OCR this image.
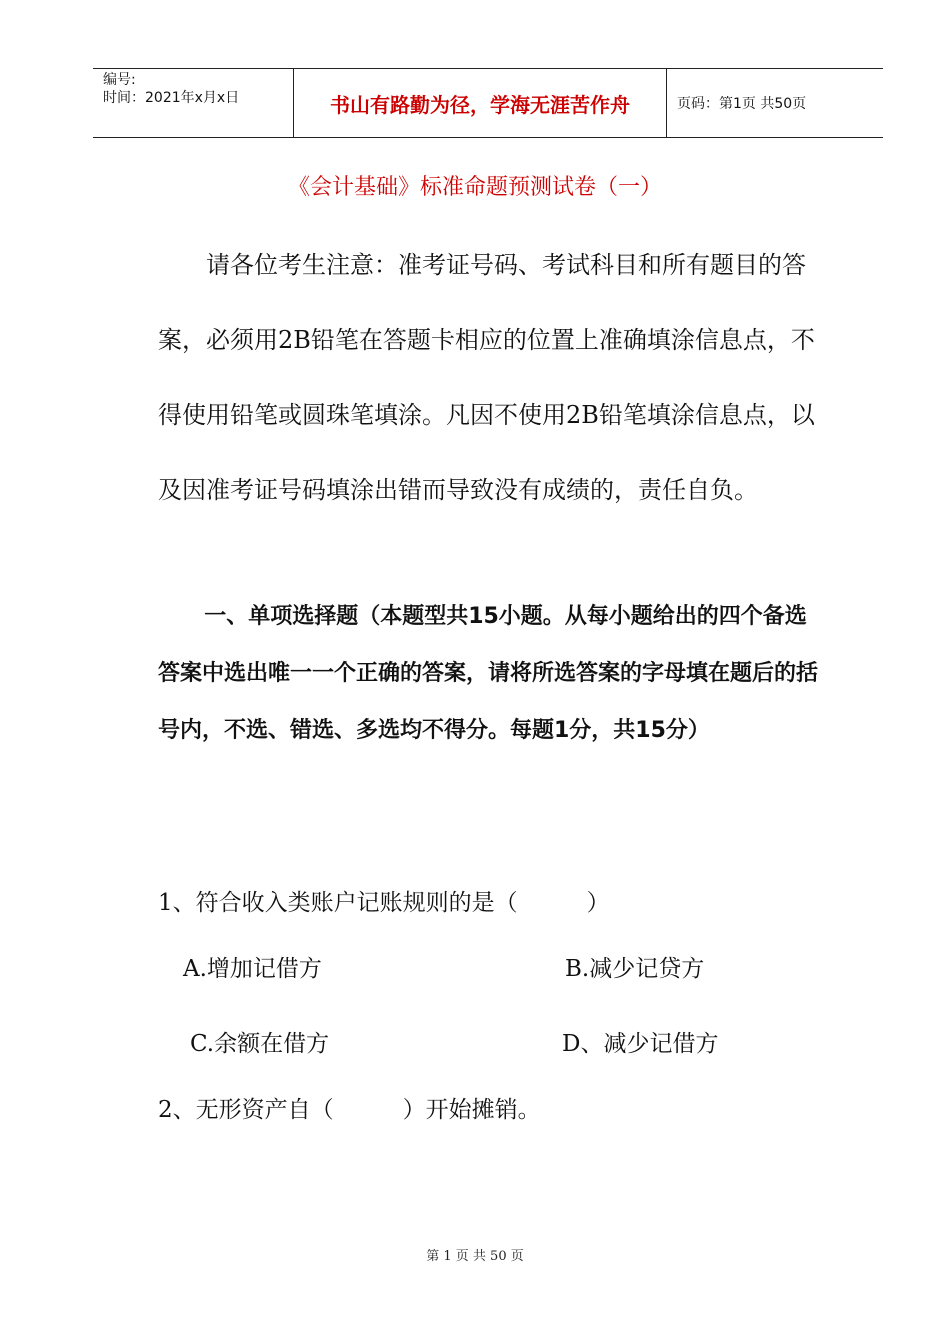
编号:
时间：2021年x月x日	书山有路勤为径，学海无涯苦作舟	页码：第1页 共50页
《会计基础》标准命题预测试卷（一）

请各位考生注意：准考证号码、考试科目和所有题目的答案，必须用2B铅笔在答题卡相应的位置上准确填涂信息点，不得使用铅笔或圆珠笔填涂。凡因不使用2B铅笔填涂信息点，以及因准考证号码填涂出错而导致没有成绩的，责任自负。

一、单项选择题（本题型共15小题。从每小题给出的四个备选答案中选出唯一一个正确的答案，请将所选答案的字母填在题后的括号内，不选、错选、多选均不得分。每题1分，共15分）

1、符合收入类账户记账规则的是（　　　）
A.增加记借方	B.减少记贷方
C.余额在借方	D、减少记借方
2、无形资产自（　　　）开始摊销。
第 1 页 共 50 页
